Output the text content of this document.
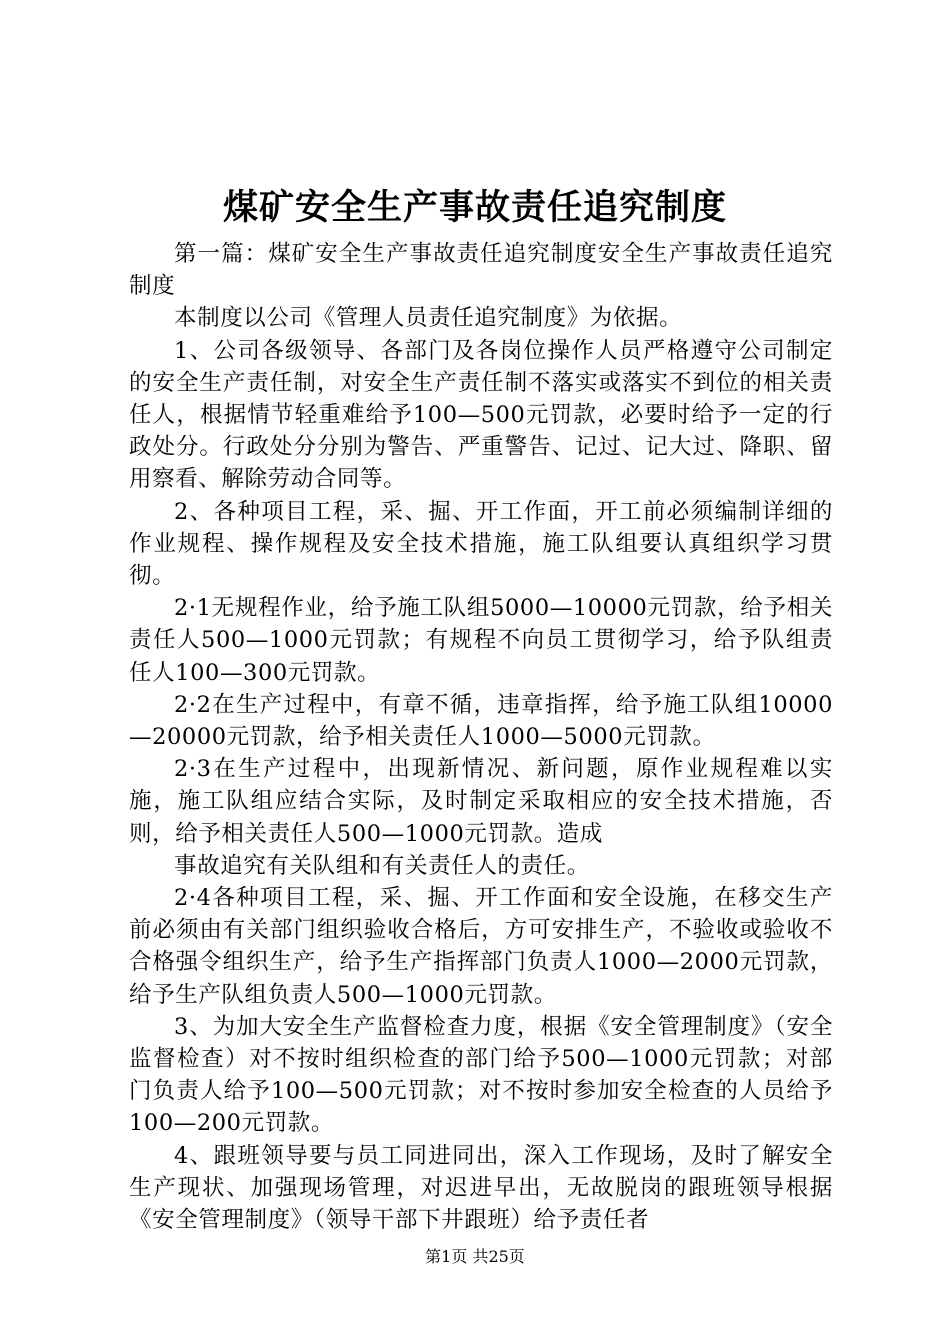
煤矿安全生产事故责任追究制度

第一篇：煤矿安全生产事故责任追究制度安全生产事故责任追究制度

本制度以公司《管理人员责任追究制度》为依据。

1、公司各级领导、各部门及各岗位操作人员严格遵守公司制定的安全生产责任制，对安全生产责任制不落实或落实不到位的相关责任人，根据情节轻重难给予100—500元罚款，必要时给予一定的行政处分。行政处分分别为警告、严重警告、记过、记大过、降职、留用察看、解除劳动合同等。

2、各种项目工程，采、掘、开工作面，开工前必须编制详细的作业规程、操作规程及安全技术措施，施工队组要认真组织学习贯彻。

2·1无规程作业，给予施工队组5000—10000元罚款，给予相关责任人500—1000元罚款；有规程不向员工贯彻学习，给予队组责任人100—300元罚款。

2·2在生产过程中，有章不循，违章指挥，给予施工队组10000—20000元罚款，给予相关责任人1000—5000元罚款。

2·3在生产过程中，出现新情况、新问题，原作业规程难以实施，施工队组应结合实际，及时制定采取相应的安全技术措施，否则，给予相关责任人500—1000元罚款。造成

事故追究有关队组和有关责任人的责任。

2·4各种项目工程，采、掘、开工作面和安全设施，在移交生产前必须由有关部门组织验收合格后，方可安排生产，不验收或验收不合格强令组织生产，给予生产指挥部门负责人1000—2000元罚款，给予生产队组负责人500—1000元罚款。

3、为加大安全生产监督检查力度，根据《安全管理制度》（安全监督检查）对不按时组织检查的部门给予500—1000元罚款；对部门负责人给予100—500元罚款；对不按时参加安全检查的人员给予100—200元罚款。

4、跟班领导要与员工同进同出，深入工作现场，及时了解安全生产现状、加强现场管理，对迟进早出，无故脱岗的跟班领导根据《安全管理制度》（领导干部下井跟班）给予责任者

第1页 共25页
